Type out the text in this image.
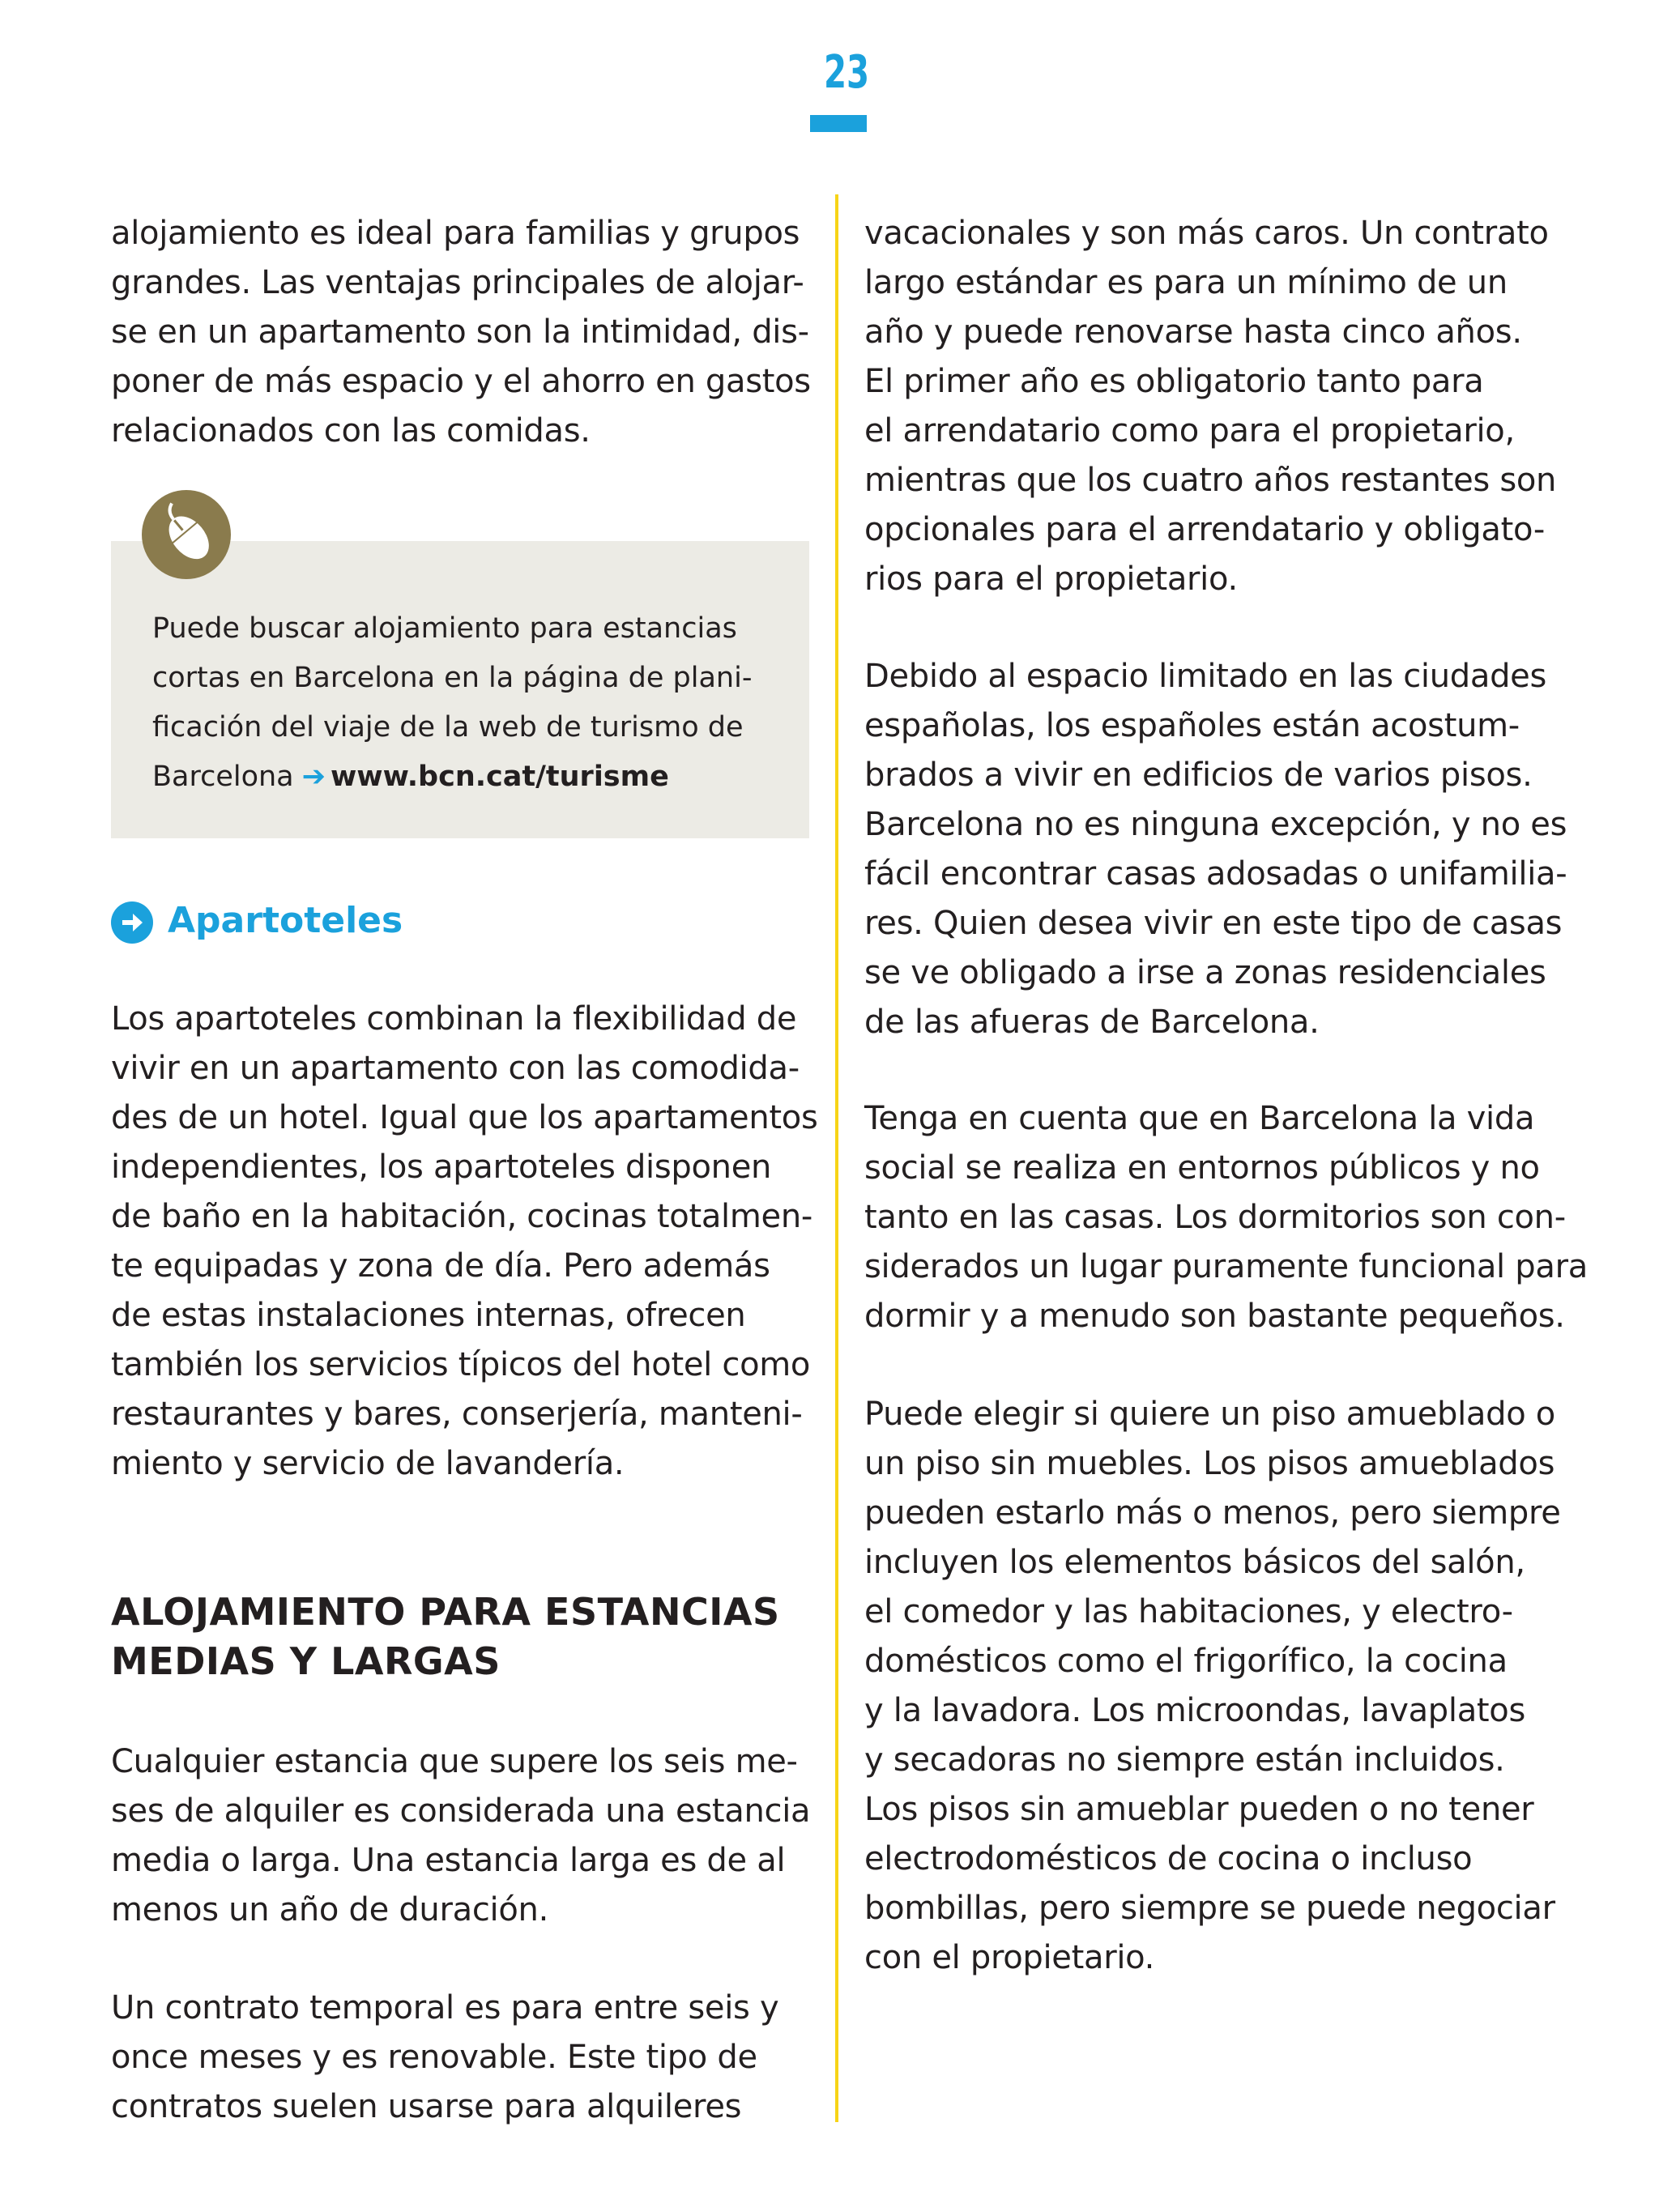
23
alojamiento es ideal para familias y grupos
grandes. Las ventajas principales de alojar-
se en un apartamento son la intimidad, dis-
poner de más espacio y el ahorro en gastos
relacionados con las comidas.
Puede buscar alojamiento para estancias
cortas en Barcelona en la página de plani-
ficación del viaje de la web de turismo de
Barcelona ➔ www.bcn.cat/turisme
Apartoteles
Los apartoteles combinan la flexibilidad de
vivir en un apartamento con las comodida-
des de un hotel. Igual que los apartamentos
independientes, los apartoteles disponen
de baño en la habitación, cocinas totalmen-
te equipadas y zona de día. Pero además
de estas instalaciones internas, ofrecen
también los servicios típicos del hotel como
restaurantes y bares, conserjería, manteni-
miento y servicio de lavandería.
ALOJAMIENTO PARA ESTANCIAS
MEDIAS Y LARGAS
Cualquier estancia que supere los seis me-
ses de alquiler es considerada una estancia
media o larga. Una estancia larga es de al
menos un año de duración.
Un contrato temporal es para entre seis y
once meses y es renovable. Este tipo de
contratos suelen usarse para alquileres
vacacionales y son más caros. Un contrato
largo estándar es para un mínimo de un
año y puede renovarse hasta cinco años.
El primer año es obligatorio tanto para
el arrendatario como para el propietario,
mientras que los cuatro años restantes son
opcionales para el arrendatario y obligato-
rios para el propietario.
Debido al espacio limitado en las ciudades
españolas, los españoles están acostum-
brados a vivir en edificios de varios pisos.
Barcelona no es ninguna excepción, y no es
fácil encontrar casas adosadas o unifamilia-
res. Quien desea vivir en este tipo de casas
se ve obligado a irse a zonas residenciales
de las afueras de Barcelona.
Tenga en cuenta que en Barcelona la vida
social se realiza en entornos públicos y no
tanto en las casas. Los dormitorios son con-
siderados un lugar puramente funcional para
dormir y a menudo son bastante pequeños.
Puede elegir si quiere un piso amueblado o
un piso sin muebles. Los pisos amueblados
pueden estarlo más o menos, pero siempre
incluyen los elementos básicos del salón,
el comedor y las habitaciones, y electro-
domésticos como el frigorífico, la cocina
y la lavadora. Los microondas, lavaplatos
y secadoras no siempre están incluidos.
Los pisos sin amueblar pueden o no tener
electrodomésticos de cocina o incluso
bombillas, pero siempre se puede negociar
con el propietario.
